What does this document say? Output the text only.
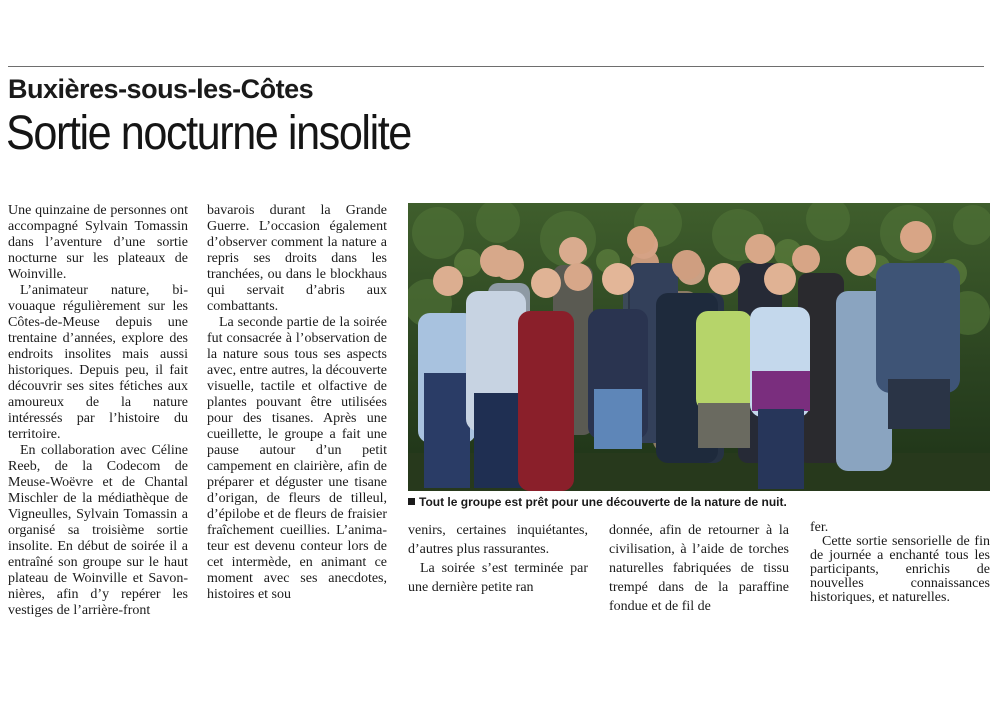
Buxières-sous-les-Côtes
Sortie nocturne insolite

Une quinzaine de personnes ont accompagné Sylvain Tomassin dans l’aventure d’une sortie nocturne sur les plateaux de Woinville.

L’animateur nature, bivouaque régulièrement sur les Côtes-de-Meuse depuis une trentaine d’années, explore des endroits insolites mais aussi historiques. Depuis peu, il fait découvrir ses sites fétiches aux amoureux de la nature intéressés par l’histoire du territoire.

En collaboration avec Céline Reeb, de la Codecom de Meuse-Woëvre et de Chantal Mischler de la médiathèque de Vigneulles, Sylvain Tomassin a organisé sa troisième sortie insolite. En début de soirée il a entraîné son groupe sur le haut plateau de Woinville et Savonnières, afin d’y repérer les vestiges de l’arrière-front

bavarois durant la Grande Guerre. L’occasion également d’observer comment la nature a repris ses droits dans les tranchées, ou dans le blockhaus qui servait d’abris aux combattants.

La seconde partie de la soirée fut consacrée à l’observation de la nature sous tous ses aspects avec, entre autres, la découverte visuelle, tactile et olfactive de plantes pouvant être utilisées pour des tisanes. Après une cueillette, le groupe a fait une pause autour d’un petit campement en clairière, afin de préparer et déguster une tisane d’origan, de fleurs de tilleul, d’épilobe et de fleurs de fraisier fraîchement cueillies. L’animateur est devenu conteur lors de cet intermède, en animant ce moment avec ses anecdotes, histoires et sou

Tout le groupe est prêt pour une découverte de la nature de nuit.

venirs, certaines inquiétantes, d’autres plus rassurantes.

La soirée s’est terminée par une dernière petite ran

donnée, afin de retourner à la civilisation, à l’aide de torches naturelles fabriquées de tissu trempé dans de la paraffine fondue et de fil de

fer.

Cette sortie sensorielle de fin de journée a enchanté tous les participants, enrichis de nouvelles connaissances historiques, et naturelles.
